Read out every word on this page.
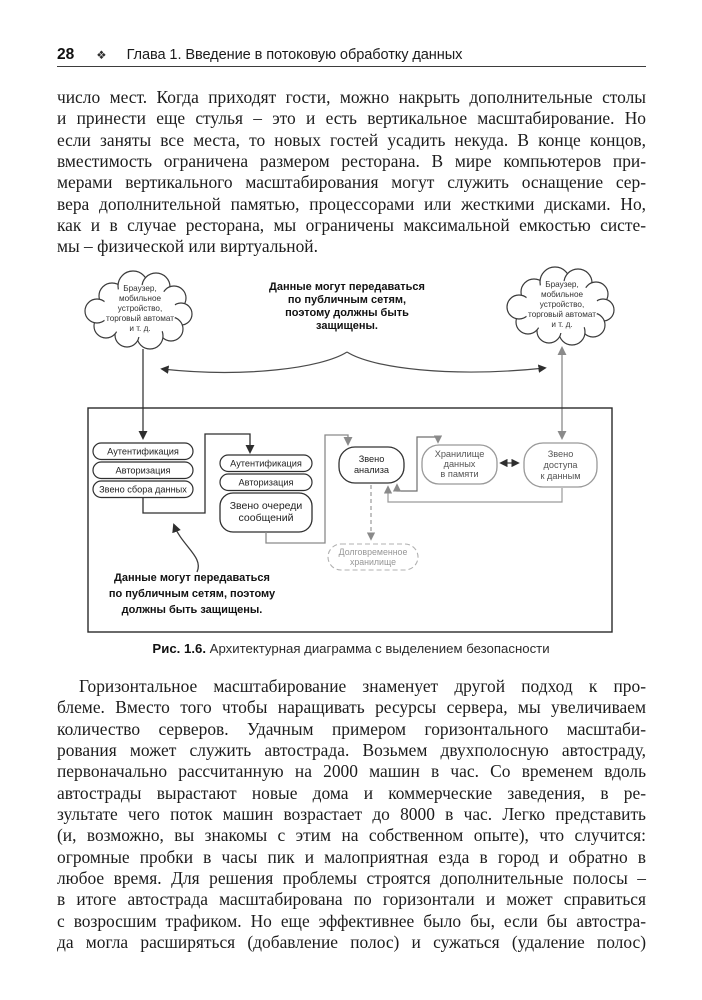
28 ❖ Глава 1. Введение в потоковую обработку данных
число мест. Когда приходят гости, можно накрыть дополнительные столы
и принести еще стулья – это и есть вертикальное масштабирование. Но
если заняты все места, то новых гостей усадить некуда. В конце концов,
вместимость ограничена размером ресторана. В мире компьютеров при-
мерами вертикального масштабирования могут служить оснащение сер-
вера дополнительной памятью, процессорами или жесткими дисками. Но,
как и в случае ресторана, мы ограничены максимальной емкостью систе-
мы – физической или виртуальной.
Браузер,
мобильное
устройство,
торговый автомат
и т. д.
Браузер,
мобильное
устройство,
торговый автомат
и т. д.
Данные могут передаваться
по публичным сетям,
поэтому должны быть
защищены.
Аутентификация
Авторизация
Звено сбора данных
Аутентификация
Авторизация
Звено очереди
сообщений
Звено
анализа
Хранилище
данных
в памяти
Звено
доступа
к данным
Долговременное
хранилище
Данные могут передаваться
по публичным сетям, поэтому
должны быть защищены.
Рис. 1.6. Архитектурная диаграмма с выделением безопасности
Горизонтальное масштабирование знаменует другой подход к про-
блеме. Вместо того чтобы наращивать ресурсы сервера, мы увеличиваем
количество серверов. Удачным примером горизонтального масштаби-
рования может служить автострада. Возьмем двухполосную автостраду,
первоначально рассчитанную на 2000 машин в час. Со временем вдоль
автострады вырастают новые дома и коммерческие заведения, в ре-
зультате чего поток машин возрастает до 8000 в час. Легко представить
(и, возможно, вы знакомы с этим на собственном опыте), что случится:
огромные пробки в часы пик и малоприятная езда в город и обратно в
любое время. Для решения проблемы строятся дополнительные полосы –
в итоге автострада масштабирована по горизонтали и может справиться
с возросшим трафиком. Но еще эффективнее было бы, если бы автостра-
да могла расширяться (добавление полос) и сужаться (удаление полос)
